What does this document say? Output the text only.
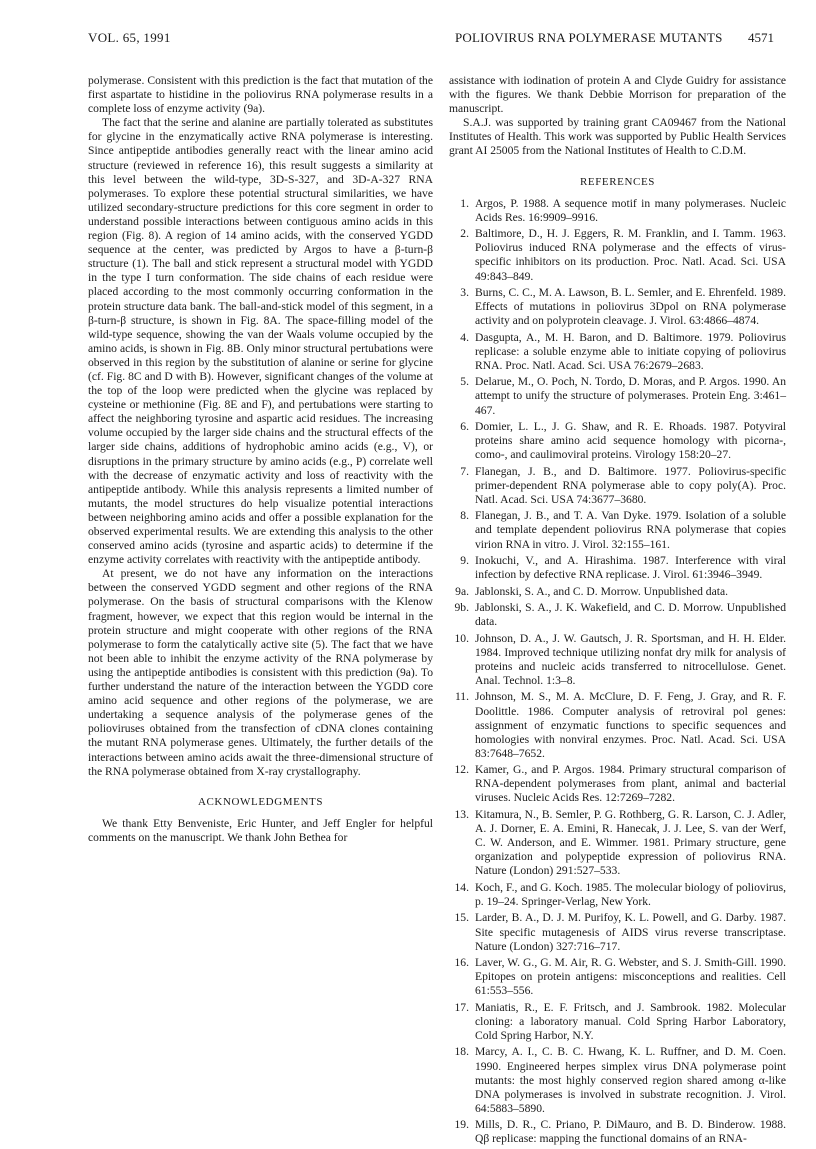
VOL. 65, 1991	POLIOVIRUS RNA POLYMERASE MUTANTS 4571

polymerase. Consistent with this prediction is the fact that mutation of the first aspartate to histidine in the poliovirus RNA polymerase results in a complete loss of enzyme activity (9a).

The fact that the serine and alanine are partially tolerated as substitutes for glycine in the enzymatically active RNA polymerase is interesting. Since antipeptide antibodies generally react with the linear amino acid structure (reviewed in reference 16), this result suggests a similarity at this level between the wild-type, 3D-S-327, and 3D-A-327 RNA polymerases. To explore these potential structural similarities, we have utilized secondary-structure predictions for this core segment in order to understand possible interactions between contiguous amino acids in this region (Fig. 8). A region of 14 amino acids, with the conserved YGDD sequence at the center, was predicted by Argos to have a β-turn-β structure (1). The ball and stick represent a structural model with YGDD in the type I turn conformation. The side chains of each residue were placed according to the most commonly occurring conformation in the protein structure data bank. The ball-and-stick model of this segment, in a β-turn-β structure, is shown in Fig. 8A. The space-filling model of the wild-type sequence, showing the van der Waals volume occupied by the amino acids, is shown in Fig. 8B. Only minor structural pertubations were observed in this region by the substitution of alanine or serine for glycine (cf. Fig. 8C and D with B). However, significant changes of the volume at the top of the loop were predicted when the glycine was replaced by cysteine or methionine (Fig. 8E and F), and pertubations were starting to affect the neighboring tyrosine and aspartic acid residues. The increasing volume occupied by the larger side chains and the structural effects of the larger side chains, additions of hydrophobic amino acids (e.g., V), or disruptions in the primary structure by amino acids (e.g., P) correlate well with the decrease of enzymatic activity and loss of reactivity with the antipeptide antibody. While this analysis represents a limited number of mutants, the model structures do help visualize potential interactions between neighboring amino acids and offer a possible explanation for the observed experimental results. We are extending this analysis to the other conserved amino acids (tyrosine and aspartic acids) to determine if the enzyme activity correlates with reactivity with the antipeptide antibody.

At present, we do not have any information on the interactions between the conserved YGDD segment and other regions of the RNA polymerase. On the basis of structural comparisons with the Klenow fragment, however, we expect that this region would be internal in the protein structure and might cooperate with other regions of the RNA polymerase to form the catalytically active site (5). The fact that we have not been able to inhibit the enzyme activity of the RNA polymerase by using the antipeptide antibodies is consistent with this prediction (9a). To further understand the nature of the interaction between the YGDD core amino acid sequence and other regions of the polymerase, we are undertaking a sequence analysis of the polymerase genes of the polioviruses obtained from the transfection of cDNA clones containing the mutant RNA polymerase genes. Ultimately, the further details of the interactions between amino acids await the three-dimensional structure of the RNA polymerase obtained from X-ray crystallography.

ACKNOWLEDGMENTS

We thank Etty Benveniste, Eric Hunter, and Jeff Engler for helpful comments on the manuscript. We thank John Bethea for

assistance with iodination of protein A and Clyde Guidry for assistance with the figures. We thank Debbie Morrison for preparation of the manuscript.

S.A.J. was supported by training grant CA09467 from the National Institutes of Health. This work was supported by Public Health Services grant AI 25005 from the National Institutes of Health to C.D.M.

REFERENCES
1. Argos, P. 1988. A sequence motif in many polymerases. Nucleic Acids Res. 16:9909–9916.
2. Baltimore, D., H. J. Eggers, R. M. Franklin, and I. Tamm. 1963. Poliovirus induced RNA polymerase and the effects of virus-specific inhibitors on its production. Proc. Natl. Acad. Sci. USA 49:843–849.
3. Burns, C. C., M. A. Lawson, B. L. Semler, and E. Ehrenfeld. 1989. Effects of mutations in poliovirus 3Dpol on RNA polymerase activity and on polyprotein cleavage. J. Virol. 63:4866–4874.
4. Dasgupta, A., M. H. Baron, and D. Baltimore. 1979. Poliovirus replicase: a soluble enzyme able to initiate copying of poliovirus RNA. Proc. Natl. Acad. Sci. USA 76:2679–2683.
5. Delarue, M., O. Poch, N. Tordo, D. Moras, and P. Argos. 1990. An attempt to unify the structure of polymerases. Protein Eng. 3:461–467.
6. Domier, L. L., J. G. Shaw, and R. E. Rhoads. 1987. Potyviral proteins share amino acid sequence homology with picorna-, como-, and caulimoviral proteins. Virology 158:20–27.
7. Flanegan, J. B., and D. Baltimore. 1977. Poliovirus-specific primer-dependent RNA polymerase able to copy poly(A). Proc. Natl. Acad. Sci. USA 74:3677–3680.
8. Flanegan, J. B., and T. A. Van Dyke. 1979. Isolation of a soluble and template dependent poliovirus RNA polymerase that copies virion RNA in vitro. J. Virol. 32:155–161.
9. Inokuchi, V., and A. Hirashima. 1987. Interference with viral infection by defective RNA replicase. J. Virol. 61:3946–3949.
9a. Jablonski, S. A., and C. D. Morrow. Unpublished data.
9b. Jablonski, S. A., J. K. Wakefield, and C. D. Morrow. Unpublished data.
10. Johnson, D. A., J. W. Gautsch, J. R. Sportsman, and H. H. Elder. 1984. Improved technique utilizing nonfat dry milk for analysis of proteins and nucleic acids transferred to nitrocellulose. Genet. Anal. Technol. 1:3–8.
11. Johnson, M. S., M. A. McClure, D. F. Feng, J. Gray, and R. F. Doolittle. 1986. Computer analysis of retroviral pol genes: assignment of enzymatic functions to specific sequences and homologies with nonviral enzymes. Proc. Natl. Acad. Sci. USA 83:7648–7652.
12. Kamer, G., and P. Argos. 1984. Primary structural comparison of RNA-dependent polymerases from plant, animal and bacterial viruses. Nucleic Acids Res. 12:7269–7282.
13. Kitamura, N., B. Semler, P. G. Rothberg, G. R. Larson, C. J. Adler, A. J. Dorner, E. A. Emini, R. Hanecak, J. J. Lee, S. van der Werf, C. W. Anderson, and E. Wimmer. 1981. Primary structure, gene organization and polypeptide expression of poliovirus RNA. Nature (London) 291:527–533.
14. Koch, F., and G. Koch. 1985. The molecular biology of poliovirus, p. 19–24. Springer-Verlag, New York.
15. Larder, B. A., D. J. M. Purifoy, K. L. Powell, and G. Darby. 1987. Site specific mutagenesis of AIDS virus reverse transcriptase. Nature (London) 327:716–717.
16. Laver, W. G., G. M. Air, R. G. Webster, and S. J. Smith-Gill. 1990. Epitopes on protein antigens: misconceptions and realities. Cell 61:553–556.
17. Maniatis, R., E. F. Fritsch, and J. Sambrook. 1982. Molecular cloning: a laboratory manual. Cold Spring Harbor Laboratory, Cold Spring Harbor, N.Y.
18. Marcy, A. I., C. B. C. Hwang, K. L. Ruffner, and D. M. Coen. 1990. Engineered herpes simplex virus DNA polymerase point mutants: the most highly conserved region shared among α-like DNA polymerases is involved in substrate recognition. J. Virol. 64:5883–5890.
19. Mills, D. R., C. Priano, P. DiMauro, and B. D. Binderow. 1988. Qβ replicase: mapping the functional domains of an RNA-
